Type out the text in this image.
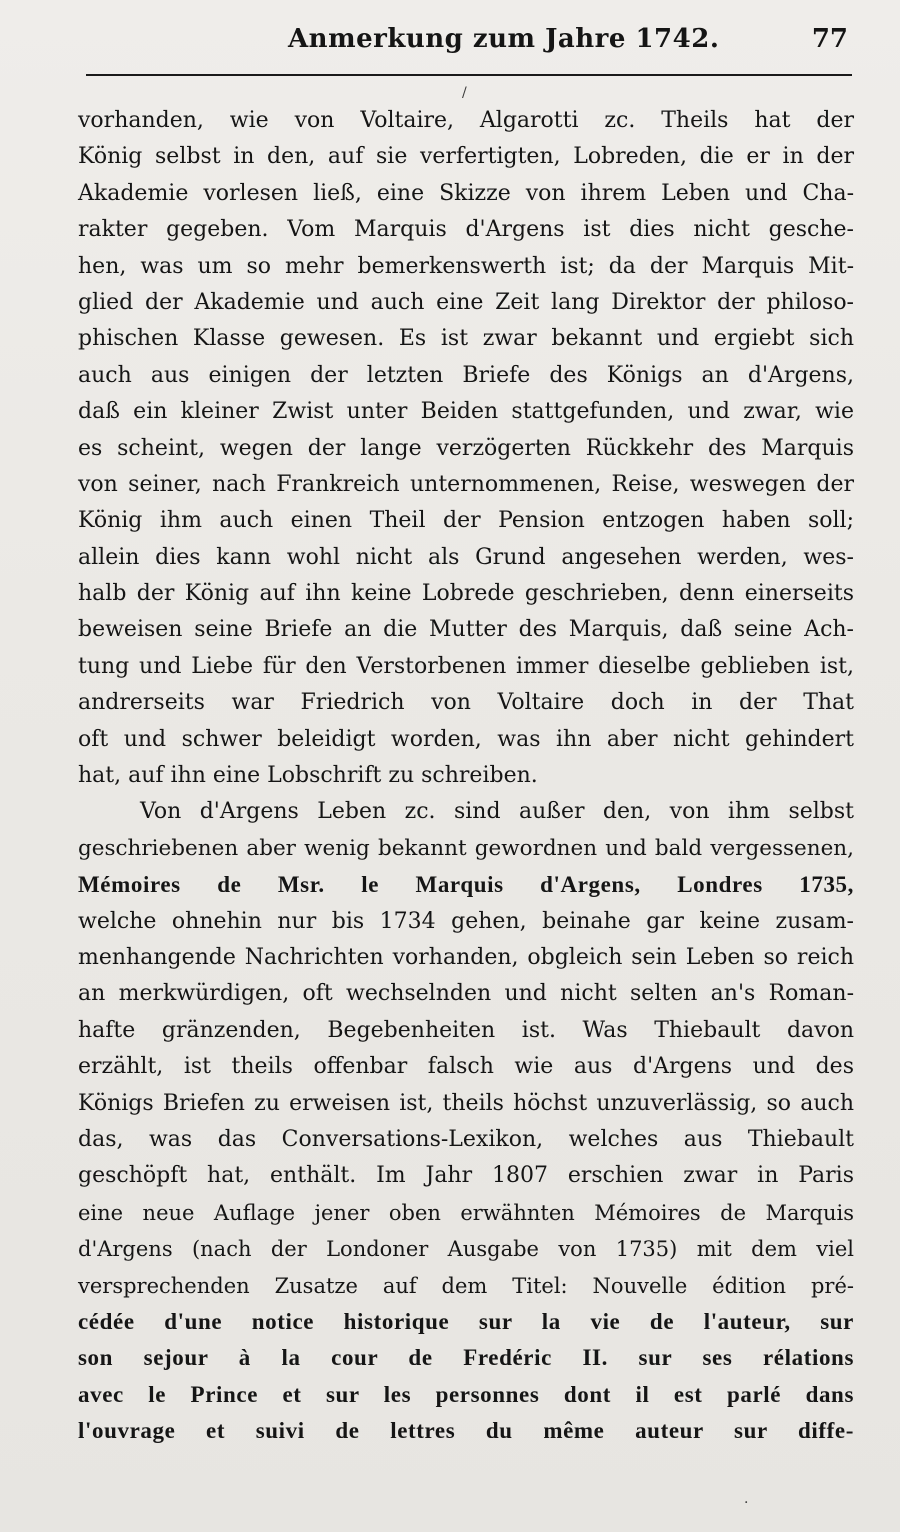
Anmerkung zum Jahre 1742.	77
/
·
vorhanden, wie von Voltaire, Algarotti zc. Theils hat der
König selbst in den, auf sie verfertigten, Lobreden, die er in der
Akademie vorlesen ließ, eine Skizze von ihrem Leben und Cha-
rakter gegeben. Vom Marquis d'Argens ist dies nicht gesche-
hen, was um so mehr bemerkenswerth ist; da der Marquis Mit-
glied der Akademie und auch eine Zeit lang Direktor der philoso-
phischen Klasse gewesen. Es ist zwar bekannt und ergiebt sich
auch aus einigen der letzten Briefe des Königs an d'Argens,
daß ein kleiner Zwist unter Beiden stattgefunden, und zwar, wie
es scheint, wegen der lange verzögerten Rückkehr des Marquis
von seiner, nach Frankreich unternommenen, Reise, weswegen der
König ihm auch einen Theil der Pension entzogen haben soll;
allein dies kann wohl nicht als Grund angesehen werden, wes-
halb der König auf ihn keine Lobrede geschrieben, denn einerseits
beweisen seine Briefe an die Mutter des Marquis, daß seine Ach-
tung und Liebe für den Verstorbenen immer dieselbe geblieben ist,
andrerseits war Friedrich von Voltaire doch in der That
oft und schwer beleidigt worden, was ihn aber nicht gehindert
hat, auf ihn eine Lobschrift zu schreiben.
Von d'Argens Leben zc. sind außer den, von ihm selbst
geschriebenen aber wenig bekannt gewordnen und bald vergessenen,
Mémoires de Msr. le Marquis d'Argens, Londres 1735,
welche ohnehin nur bis 1734 gehen, beinahe gar keine zusam-
menhangende Nachrichten vorhanden, obgleich sein Leben so reich
an merkwürdigen, oft wechselnden und nicht selten an's Roman-
hafte gränzenden, Begebenheiten ist. Was Thiebault davon
erzählt, ist theils offenbar falsch wie aus d'Argens und des
Königs Briefen zu erweisen ist, theils höchst unzuverlässig, so auch
das, was das Conversations-Lexikon, welches aus Thiebault
geschöpft hat, enthält. Im Jahr 1807 erschien zwar in Paris
eine neue Auflage jener oben erwähnten Mémoires de Marquis
d'Argens (nach der Londoner Ausgabe von 1735) mit dem viel
versprechenden Zusatze auf dem Titel: Nouvelle édition pré-
cédée d'une notice historique sur la vie de l'auteur, sur
son sejour à la cour de Fredéric II. sur ses rélations
avec le Prince et sur les personnes dont il est parlé dans
l'ouvrage et suivi de lettres du même auteur sur diffe-
